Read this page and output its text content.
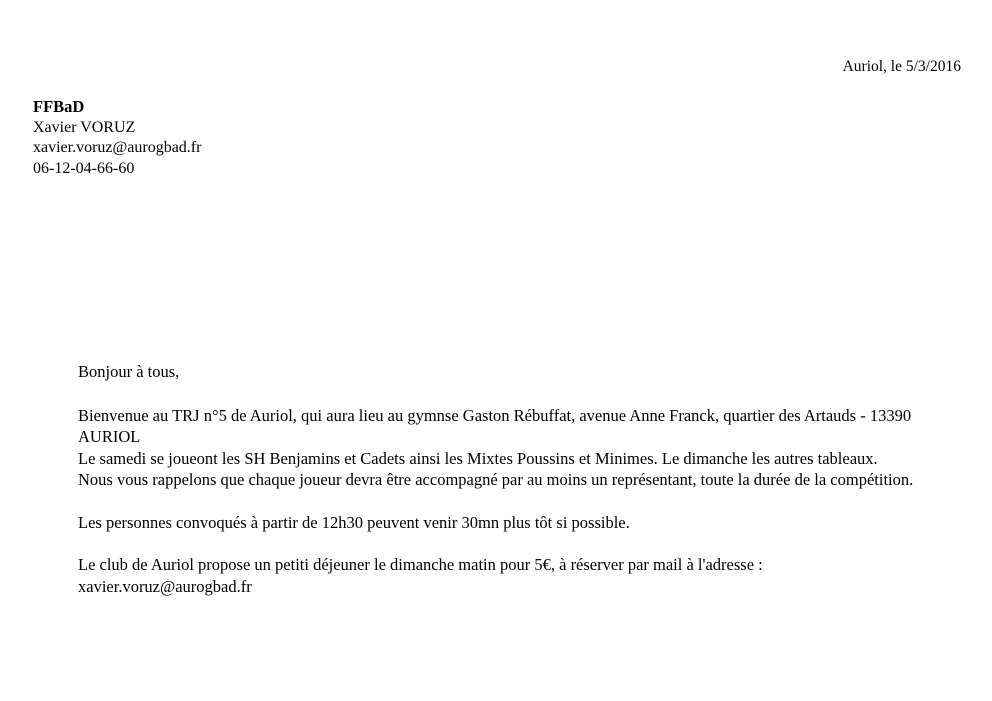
Auriol, le 5/3/2016
FFBaD
Xavier VORUZ
xavier.voruz@aurogbad.fr
06-12-04-66-60

Bonjour à tous,

Bienvenue au TRJ n°5 de Auriol, qui aura lieu au gymnse Gaston Rébuffat, avenue Anne Franck, quartier des Artauds - 13390

AURIOL

Le samedi se joueont les SH Benjamins et Cadets ainsi les Mixtes Poussins et Minimes. Le dimanche les autres tableaux.

Nous vous rappelons que chaque joueur devra être accompagné par au moins un représentant, toute la durée de la compétition.

Les personnes convoqués à partir de 12h30 peuvent venir 30mn plus tôt si possible.

Le club de Auriol propose un petiti déjeuner le dimanche matin pour 5€, à réserver par mail à l'adresse :

xavier.voruz@aurogbad.fr
